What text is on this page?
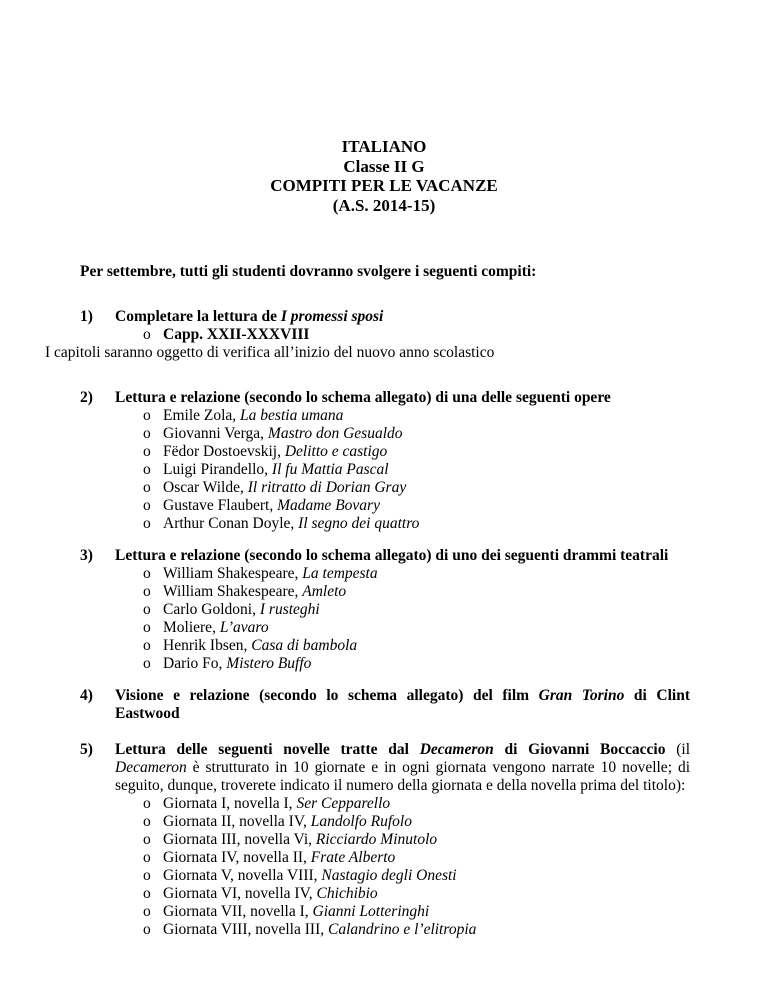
ITALIANO
Classe II G
COMPITI PER LE VACANZE
(A.S. 2014-15)
Per settembre, tutti gli studenti dovranno svolgere i seguenti compiti:
1) Completare la lettura de I promessi sposi
o Capp. XXII-XXXVIII
I capitoli saranno oggetto di verifica all’inizio del nuovo anno scolastico
2) Lettura e relazione (secondo lo schema allegato) di una delle seguenti opere
o Emile Zola, La bestia umana
o Giovanni Verga, Mastro don Gesualdo
o Fëdor Dostoevskij, Delitto e castigo
o Luigi Pirandello, Il fu Mattia Pascal
o Oscar Wilde, Il ritratto di Dorian Gray
o Gustave Flaubert, Madame Bovary
o Arthur Conan Doyle, Il segno dei quattro
3) Lettura e relazione (secondo lo schema allegato) di uno dei seguenti drammi teatrali
o William Shakespeare, La tempesta
o William Shakespeare, Amleto
o Carlo Goldoni, I rusteghi
o Moliere, L’avaro
o Henrik Ibsen, Casa di bambola
o Dario Fo, Mistero Buffo
4) Visione e relazione (secondo lo schema allegato) del film Gran Torino di Clint Eastwood
5) Lettura delle seguenti novelle tratte dal Decameron di Giovanni Boccaccio (il Decameron è strutturato in 10 giornate e in ogni giornata vengono narrate 10 novelle; di seguito, dunque, troverete indicato il numero della giornata e della novella prima del titolo):
o Giornata I, novella I, Ser Cepparello
o Giornata II, novella IV, Landolfo Rufolo
o Giornata III, novella Vi, Ricciardo Minutolo
o Giornata IV, novella II, Frate Alberto
o Giornata V, novella VIII, Nastagio degli Onesti
o Giornata VI, novella IV, Chichibio
o Giornata VII, novella I, Gianni Lotteringhi
o Giornata VIII, novella III, Calandrino e l’elitropia
